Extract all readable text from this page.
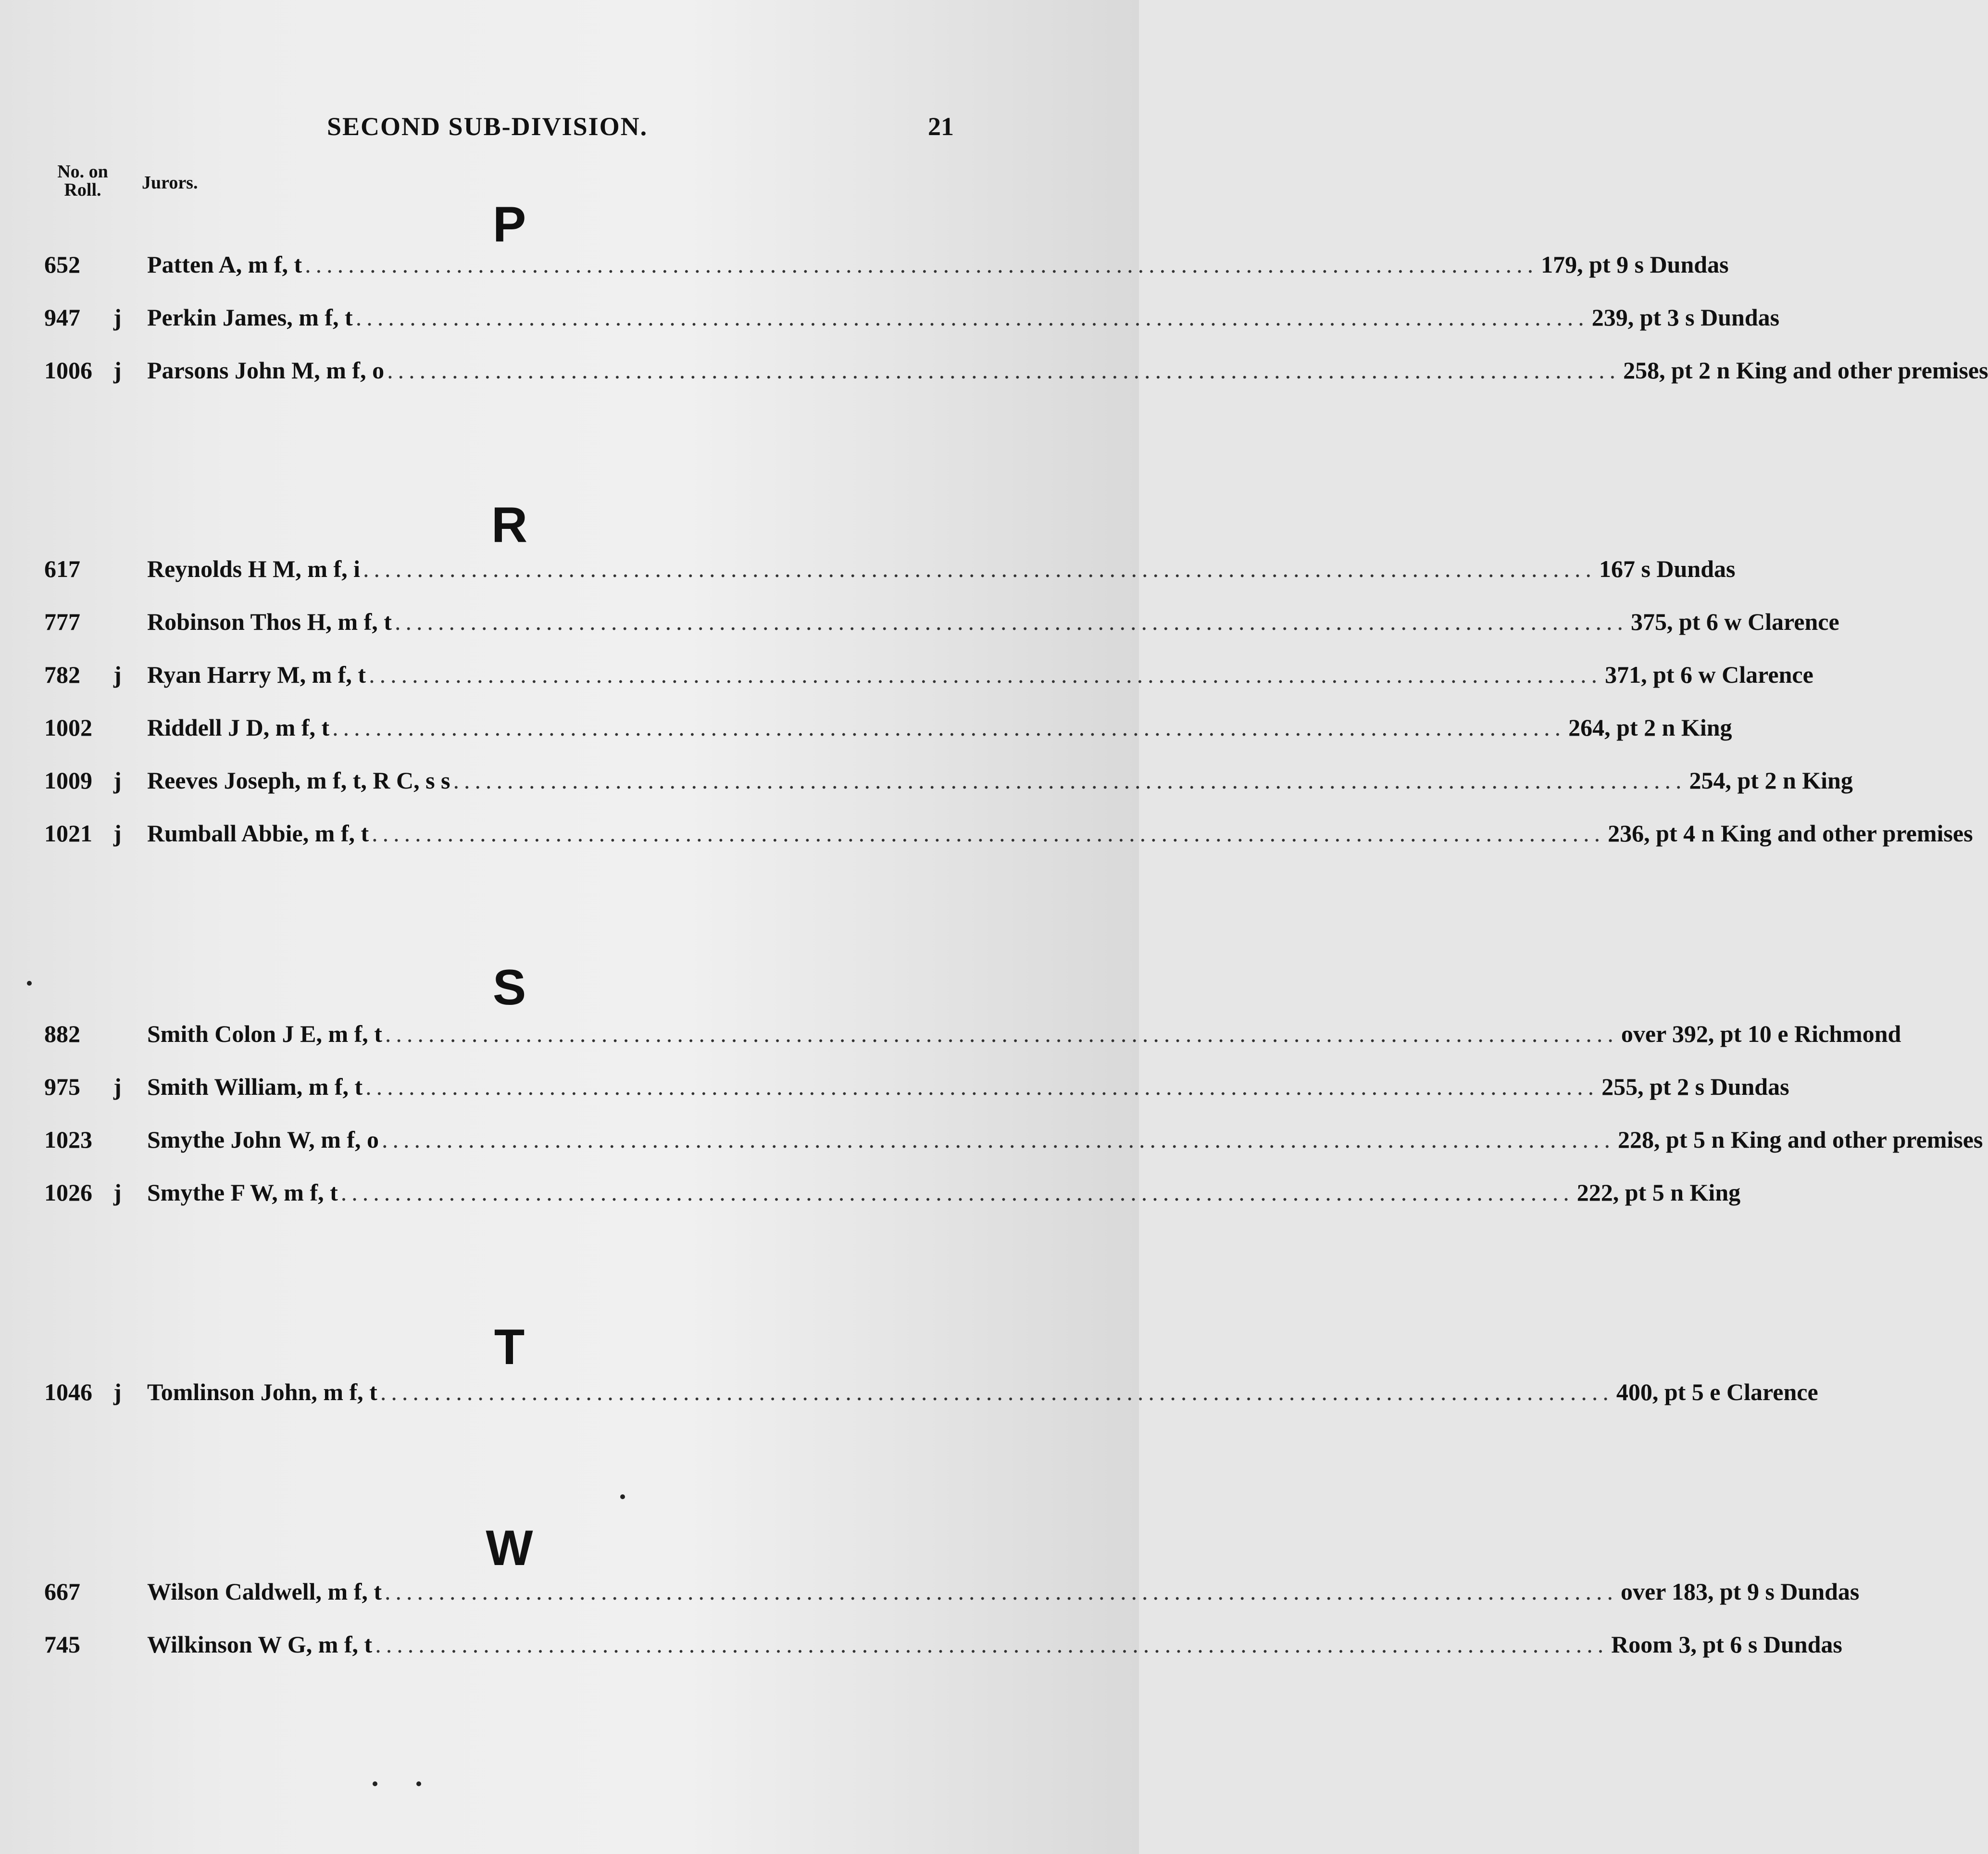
SECOND SUB-DIVISION.	21
No. on Roll.	Jurors.
P
652	Patten A, m f, t .................................................................................................................. 179, pt 9 s Dundas
947	j Perkin James, m f, t .................................................................................................................. 239, pt 3 s Dundas
1006 j Parsons John M, m f, o .................................................................................................................. 258, pt 2 n King and other premises
R
617	Reynolds H M, m f, i .................................................................................................................. 167 s Dundas
777	Robinson Thos H, m f, t .................................................................................................................. 375, pt 6 w Clarence
782	j Ryan Harry M, m f, t .................................................................................................................. 371, pt 6 w Clarence
1002	Riddell J D, m f, t .................................................................................................................. 264, pt 2 n King
1009 j Reeves Joseph, m f, t, R C, s s .................................................................................................................. 254, pt 2 n King
1021 j Rumball Abbie, m f, t .................................................................................................................. 236, pt 4 n King and other premises
S
882	Smith Colon J E, m f, t .................................................................................................................. over 392, pt 10 e Richmond
975	j Smith William, m f, t .................................................................................................................. 255, pt 2 s Dundas
1023	Smythe John W, m f, o .................................................................................................................. 228, pt 5 n King and other premises
1026 j Smythe F W, m f, t .................................................................................................................. 222, pt 5 n King
T
1046 j Tomlinson John, m f, t .................................................................................................................. 400, pt 5 e Clarence
W
667	Wilson Caldwell, m f, t .................................................................................................................. over 183, pt 9 s Dundas
745	Wilkinson W G, m f, t .................................................................................................................. Room 3, pt 6 s Dundas
